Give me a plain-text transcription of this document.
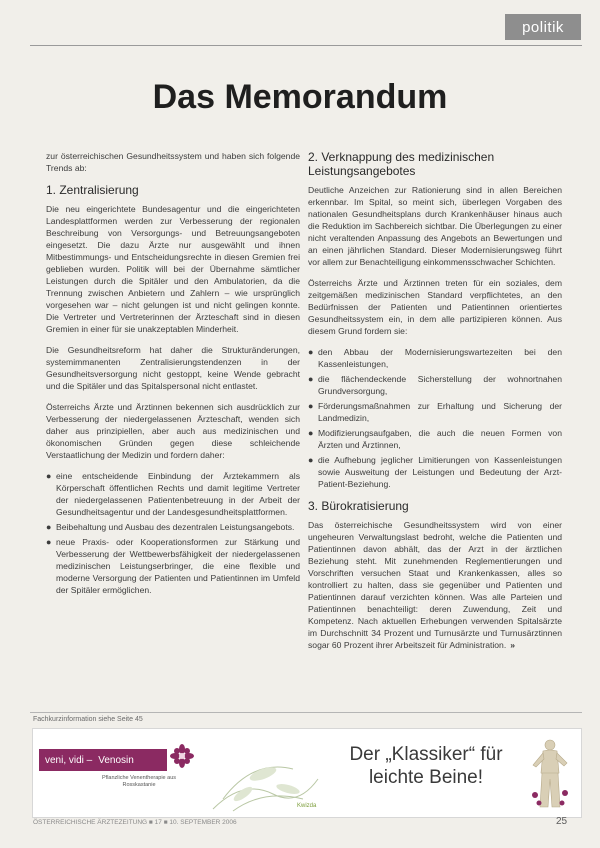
politik
Das Memorandum

zur österreichischen Gesundheitssystem und haben sich folgende Trends ab:

1. Zentralisierung

Die neu eingerichtete Bundesagentur und die eingerichteten Landesplattformen werden zur Verbesserung der regionalen Beschreibung von Versorgungs- und Betreuungsangeboten eingesetzt. Die dazu Ärzte nur ausgewählt und ihnen Mitbestimmungs- und Entscheidungsrechte in diesen Gremien frei geblieben wurden. Politik will bei der Übernahme sämtlicher Leistungen durch die Spitäler und den Ambulatorien, da die Trennung zwischen Anbietern und Zahlern – wie ursprünglich vorgesehen war – nicht gelungen ist und nicht gelingen konnte. Die Vertreter und Vertreterinnen der Ärzteschaft sind in diesen Gremien in einer für sie unakzeptablen Minderheit.

Die Gesundheitsreform hat daher die Strukturänderungen, systemimmanenten Zentralisierungstendenzen in der Gesundheitsversorgung nicht gestoppt, keine Wende gebracht und die Spitäler und das Spitalspersonal nicht entlastet.

Österreichs Ärzte und Ärztinnen bekennen sich ausdrücklich zur Verbesserung der niedergelassenen Ärzteschaft, wenden sich daher aus prinzipiellen, aber auch aus medizinischen und ökonomischen Gründen gegen diese schleichende Verstaatlichung der Medizin und fordern daher:

● eine entscheidende Einbindung der Ärztekammern als Körperschaft öffentlichen Rechts und damit legitime Vertreter der niedergelassenen Patientenbetreuung in der Arbeit der Gesundheitsagentur und der Landesgesundheitsplattformen.
● Beibehaltung und Ausbau des dezentralen Leistungsangebots.
● neue Praxis- oder Kooperationsformen zur Stärkung und Verbesserung der Wettbewerbsfähigkeit der niedergelassenen medizinischen Leistungserbringer, die eine flexible und moderne Versorgung der Patienten und Patientinnen im Umfeld der Spitäler ermöglichen.
2. Verknappung des medizinischen Leistungsangebotes

Deutliche Anzeichen zur Rationierung sind in allen Bereichen erkennbar. Im Spital, so meint sich, überlegen Vorgaben des nationalen Gesundheitsplans durch Krankenhäuser hinaus auch die Reduktion im Sachbereich sichtbar. Die Überlegungen zu einer nicht veraltenden Anpassung des Angebots an Bewertungen und an einen jährlichen Standard. Dieser Modernisierungsweg führt vor allem zur Benachteiligung einkommensschwacher Schichten.

Österreichs Ärzte und Ärztinnen treten für ein soziales, dem zeitgemäßen medizinischen Standard verpflichtetes, an den Bedürfnissen der Patienten und Patientinnen orientiertes Gesundheitssystem ein, in dem alle partizipieren können. Aus diesem Grund fordern sie:

● den Abbau der Modernisierungswartezeiten bei den Kassenleistungen,
● die flächendeckende Sicherstellung der wohnortnahen Grundversorgung,
● Förderungsmaßnahmen zur Erhaltung und Sicherung der Landmedizin,
● Modifizierungsaufgaben, die auch die neuen Formen von Ärzten und Ärztinnen,
● die Aufhebung jeglicher Limitierungen von Kassenleistungen sowie Ausweitung der Leistungen und Bedeutung der Arzt-Patient-Beziehung.
3. Bürokratisierung

Das österreichische Gesundheitssystem wird von einer ungeheuren Verwaltungslast bedroht, welche die Patienten und Patientinnen davon abhält, das der Arzt in der ärztlichen Beziehung steht. Mit zunehmenden Reglementierungen und Vorschriften versuchen Staat und Krankenkassen, alles so kontrolliert zu halten, dass sie gegenüber und Patienten und Patientinnen darauf verzichten können. Was alle Parteien und Patientinnen benachteiligt: deren Zuwendung, Zeit und Kompetenz. Nach aktuellen Erhebungen verwenden Spitalsärzte im Durchschnitt 34 Prozent und Turnusärzte und Turnusärztinnen sogar 60 Prozent ihrer Arbeitszeit für Administration. »

Fachkurzinformation siehe Seite 45
veni, vidi – Venosin
Pflanzliche Venentherapie aus Rosskastanie
Kwizda
Der „Klassiker“ für
leichte Beine!
ÖSTERREICHISCHE ÄRZTEZEITUNG ■ 17 ■ 10. SEPTEMBER 2006	25
